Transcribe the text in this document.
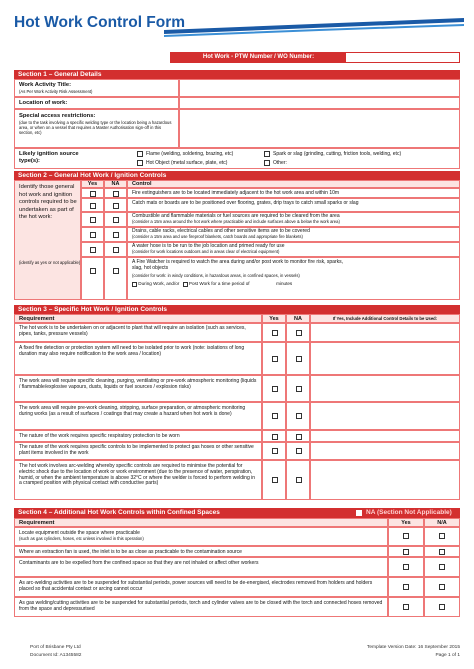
Hot Work Control Form
Hot Work - PTW Number / WO Number:
Section 1 – General Details
Work Activity Title:
(As Per Work Activity Risk Assessment)
Location of work:
Special access restrictions:
(due to the task involving a specific welding type or the location being a hazardous area, or when on a vessel that requires a Master Authorisation sign-off in this section, etc)
Likely ignition source type(s):
Flame (welding, soldering, brazing, etc)
Hot Object (metal surface, plate, etc)
Spark or slag (grinding, cutting, friction tools, welding, etc)
Other:
Section 2 – General Hot Work / Ignition Controls
Identify those general hot work and ignition controls required to be undertaken as part of the hot work:
(identify as yes or not applicable)
Yes	NA	Control
Fire extinguishers are to be located immediately adjacent to the hot work area and within 10m
Catch mats or boards are to be positioned over flooring, grates, drip trays to catch small sparks or slag
Combustible and flammable materials or fuel sources are required to be cleared from the area
(consider a 15m area around the hot work where practicable and include surfaces above & below the work area)
Drains, cable racks, electrical cables and other sensitive items are to be covered
(consider a 15m area and use fireproof blankets, catch boards and appropriate fire blankets)
A water hose is to be run to the job location and primed ready for use
(consider for work locations outdoors and in areas clear of electrical equipment)
A Fire Watcher is required to watch the area during and/or post work to monitor fire risk, sparks, slag, hot objects
(consider for work: in windy conditions, in hazardous areas, in confined spaces, in vessels)
During Work, and/or Post Work for a time period of	minutes
Section 3 – Specific Hot Work / Ignition Controls
Requirement	Yes	NA	If Yes, Include Additional Control Details to be Used:
The hot work is to be undertaken on or adjacent to plant that will require an isolation (such as services, pipes, tanks, pressure vessels)
A fixed fire detection or protection system will need to be isolated prior to work (note: isolations of long duration may also require notification to the work area / location)
The work area will require specific cleaning, purging, ventilating or pre-work atmospheric monitoring (liquids / flammable/explosive vapours, dusts, liquids or fuel sources / explosion risks)
The work area will require pre-work cleaning, stripping, surface preparation, or atmospheric monitoring during works (as a result of surfaces / coatings that may create a hazard when hot work is done)
The nature of the work requires specific respiratory protection to be worn
The nature of the work requires specific controls to be implemented to protect gas hoses or other sensitive plant items involved in the work
The hot work involves arc-welding whereby specific controls are required to minimise the potential for electric shock due to the location of work or work environment (due to the presence of water, perspiration, humid, or when the ambient temperature is above 32°C or where the welder is forced to perform welding in a cramped position with physical contact with conductive parts)
Section 4 – Additional Hot Work Controls within Confined Spaces	NA (Section Not Applicable)
Requirement	Yes	N/A
Locate equipment outside the space where practicable
(such as gas cylinders, hoses, etc unless involved in this operation)
Where an extraction fan is used, the inlet is to be as close as practicable to the contamination source
Contaminants are to be expelled from the confined space so that they are not inhaled or affect other workers
As arc-welding activities are to be suspended for substantial periods, power sources will need to be de-energised, electrodes removed from holders and holders placed so that accidental contact or arcing cannot occur
As gas welding/cutting activities are to be suspended for substantial periods, torch and cylinder valves are to be closed with the torch and connected hoses removed from the space and depressurised
Port of Brisbane Pty Ltd
Document Id: A1345582
Template Version Date: 16 September 2015
Page 1 of 1
